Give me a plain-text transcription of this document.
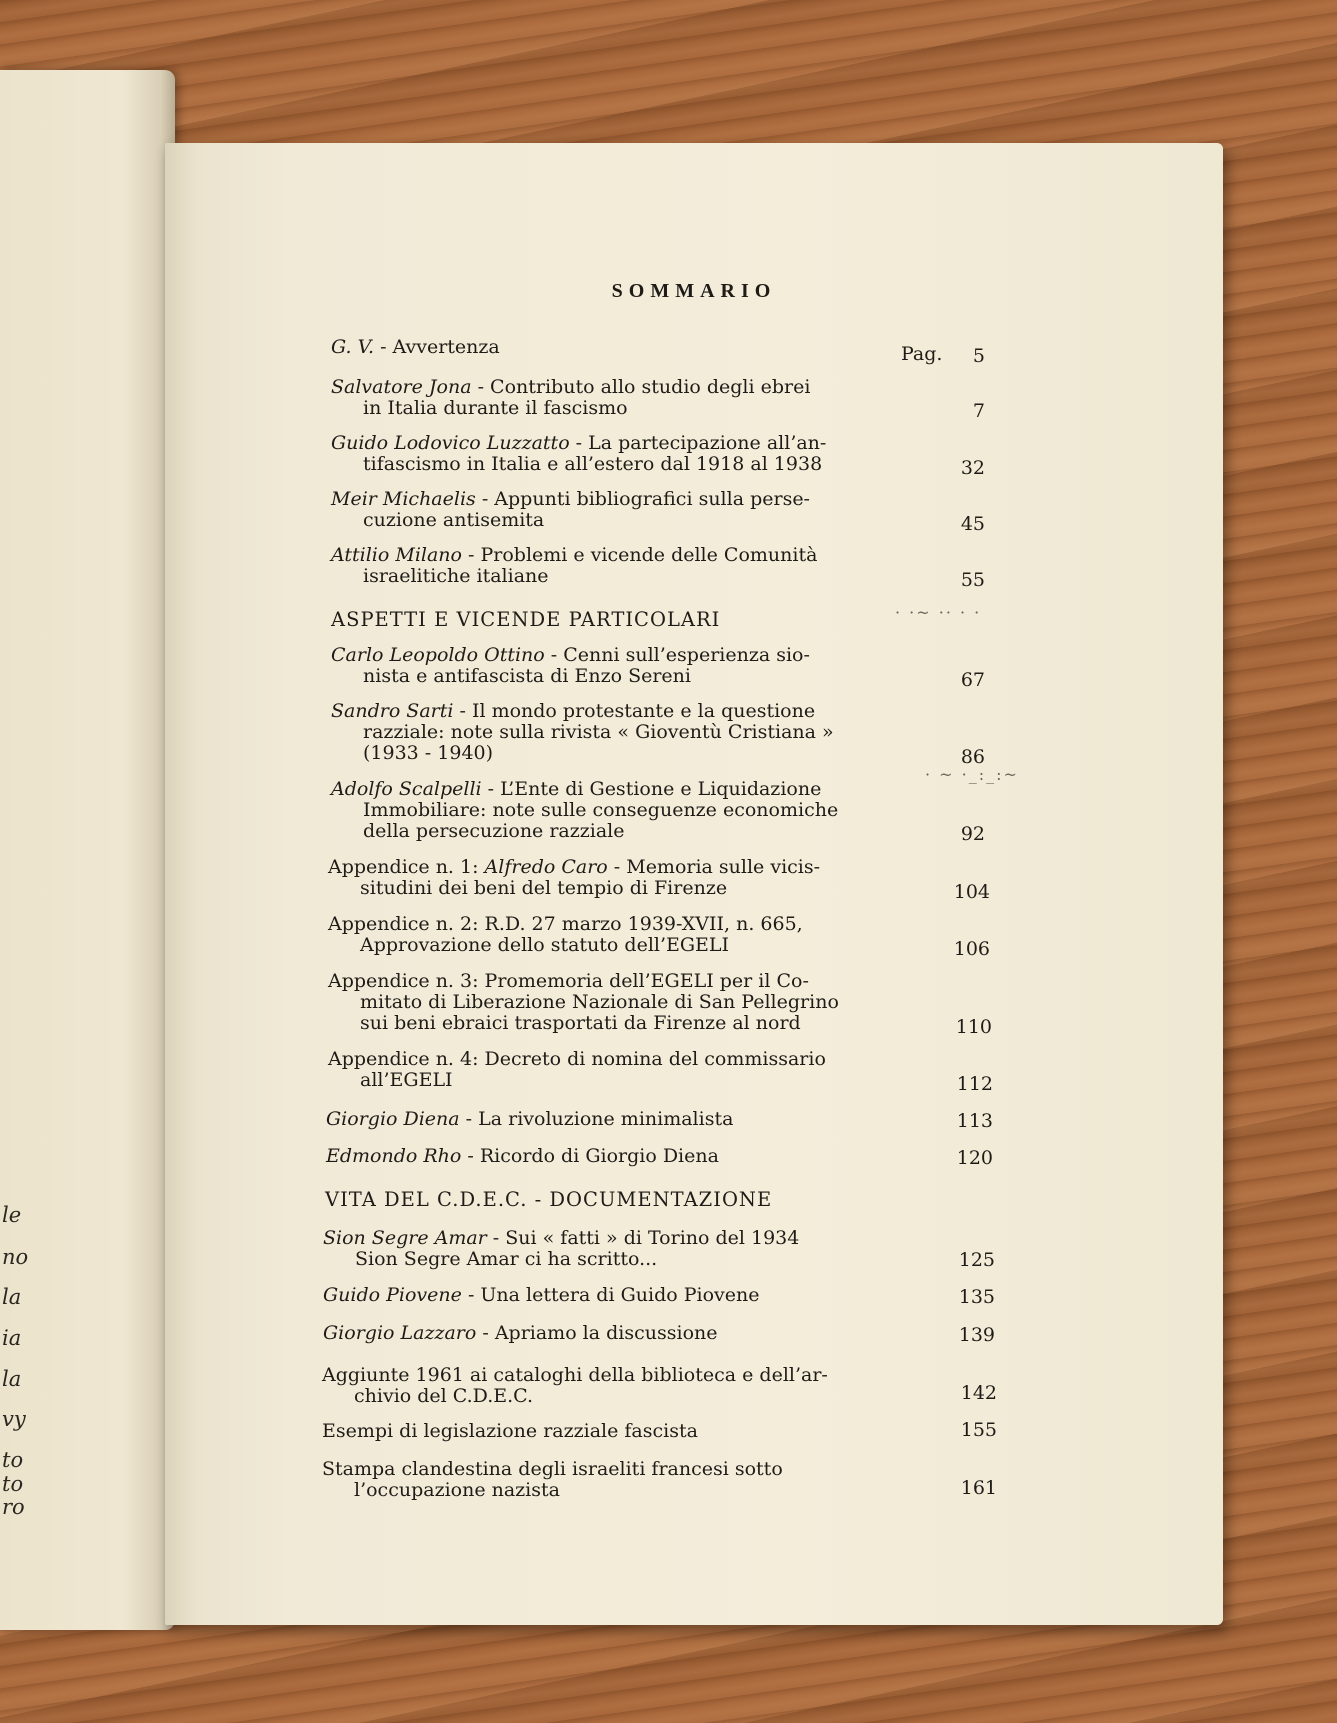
le
no
la
ia
la
vy
to
to
ro
SOMMARIO
Pag.
G. V. - Avvertenza	5
Salvatore Jona - Contributo allo studio degli ebrei
in Italia durante il fascismo	7
Guido Lodovico Luzzatto - La partecipazione all’an-
tifascismo in Italia e all’estero dal 1918 al 1938	32
Meir Michaelis - Appunti bibliografici sulla perse-
cuzione antisemita	45
Attilio Milano - Problemi e vicende delle Comunità
israelitiche italiane	55
ASPETTI E VICENDE PARTICOLARI	· ·~ ·· · ·
Carlo Leopoldo Ottino - Cenni sull’esperienza sio-
nista e antifascista di Enzo Sereni	67
Sandro Sarti - Il mondo protestante e la questione
razziale: note sulla rivista « Gioventù Cristiana »
(1933 - 1940)	86
· ~ ·_:_:~
Adolfo Scalpelli - L’Ente di Gestione e Liquidazione
Immobiliare: note sulle conseguenze economiche
della persecuzione razziale	92
Appendice n. 1: Alfredo Caro - Memoria sulle vicis-
situdini dei beni del tempio di Firenze	104
Appendice n. 2: R.D. 27 marzo 1939-XVII, n. 665,
Approvazione dello statuto dell’EGELI	106
Appendice n. 3: Promemoria dell’EGELI per il Co-
mitato di Liberazione Nazionale di San Pellegrino
sui beni ebraici trasportati da Firenze al nord	110
Appendice n. 4: Decreto di nomina del commissario
all’EGELI	112
Giorgio Diena - La rivoluzione minimalista	113
Edmondo Rho - Ricordo di Giorgio Diena	120
VITA DEL C.D.E.C. - DOCUMENTAZIONE
Sion Segre Amar - Sui « fatti » di Torino del 1934
Sion Segre Amar ci ha scritto...	125
Guido Piovene - Una lettera di Guido Piovene	135
Giorgio Lazzaro - Apriamo la discussione	139
Aggiunte 1961 ai cataloghi della biblioteca e dell’ar-
chivio del C.D.E.C.	142
Esempi di legislazione razziale fascista	155
Stampa clandestina degli israeliti francesi sotto
l’occupazione nazista	161
